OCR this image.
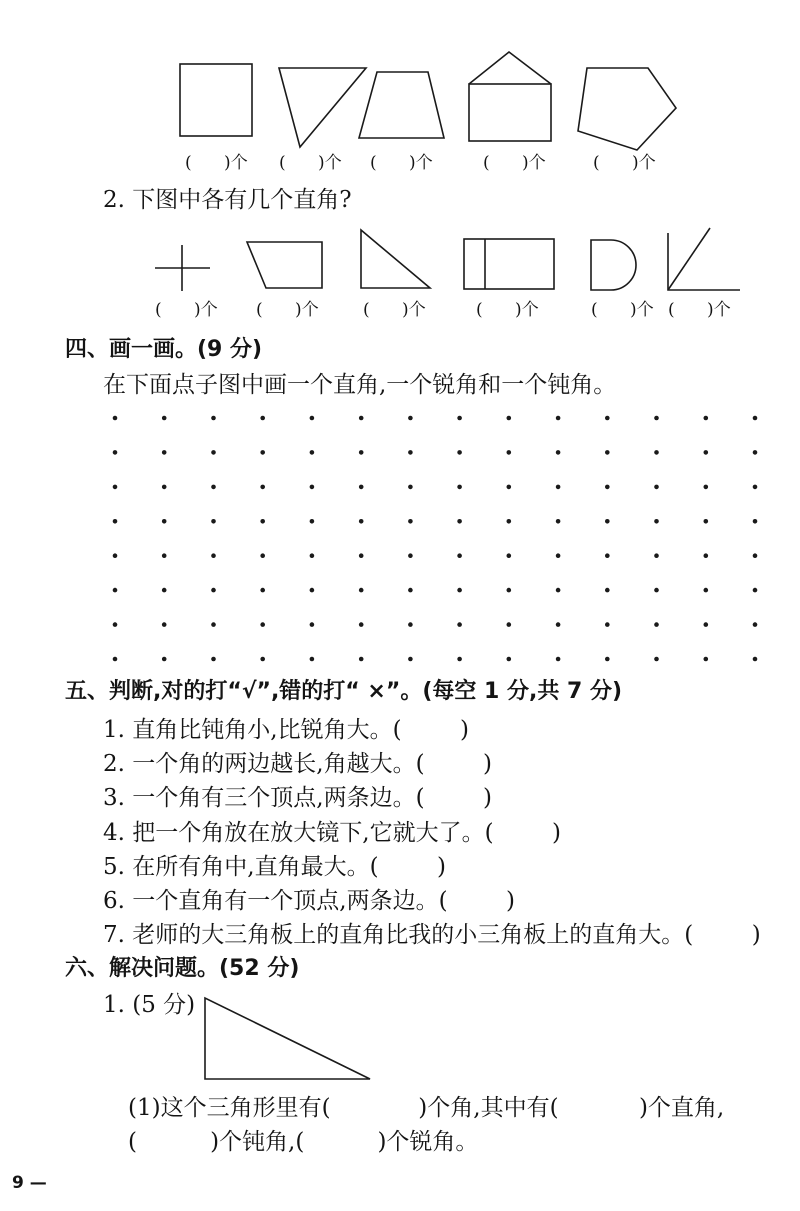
(      )个 (      )个 (      )个	(      )个	(      )个
2. 下图中各有几个直角?
(      )个 (      )个	(      )个	(      )个	(      )个 (      )个
四、画一画。(9 分)
在下面点子图中画一个直角,一个锐角和一个钝角。
五、判断,对的打“√”,错的打“ ×”。(每空 1 分,共 7 分)
1. 直角比钝角小,比锐角大。(        )
2. 一个角的两边越长,角越大。(        )
3. 一个角有三个顶点,两条边。(        )
4. 把一个角放在放大镜下,它就大了。(        )
5. 在所有角中,直角最大。(        )
6. 一个直角有一个顶点,两条边。(        )
7. 老师的大三角板上的直角比我的小三角板上的直角大。(        )
六、解决问题。(52 分)
1. (5 分)
(1)这个三角形里有(            )个角,其中有(           )个直角,
(          )个钝角,(          )个锐角。
9 —
